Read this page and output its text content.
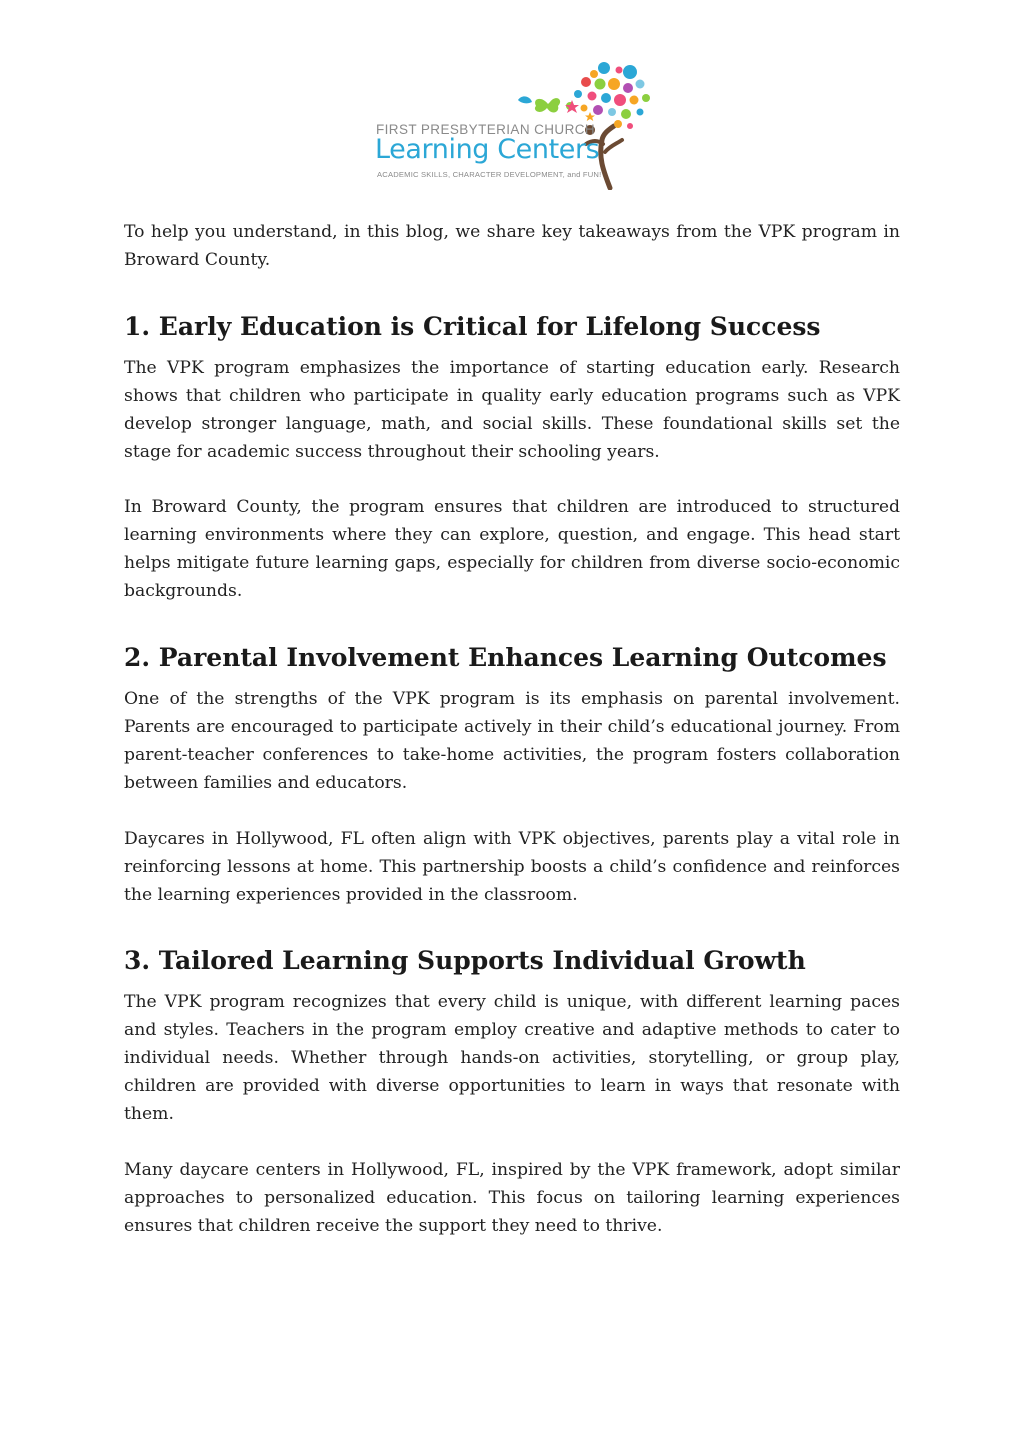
FIRST PRESBYTERIAN CHURCH
Learning Centers
ACADEMIC SKILLS, CHARACTER DEVELOPMENT, and FUN!

To help you understand, in this blog, we share key takeaways from the VPK program in Broward County.

1. Early Education is Critical for Lifelong Success

The VPK program emphasizes the importance of starting education early. Research shows that children who participate in quality early education programs such as VPK develop stronger language, math, and social skills. These foundational skills set the stage for academic success throughout their schooling years.

In Broward County, the program ensures that children are introduced to structured learning environments where they can explore, question, and engage. This head start helps mitigate future learning gaps, especially for children from diverse socio-economic backgrounds.

2. Parental Involvement Enhances Learning Outcomes

One of the strengths of the VPK program is its emphasis on parental involvement. Parents are encouraged to participate actively in their child’s educational journey. From parent-teacher conferences to take-home activities, the program fosters collaboration between families and educators.

Daycares in Hollywood, FL often align with VPK objectives, parents play a vital role in reinforcing lessons at home. This partnership boosts a child’s confidence and reinforces the learning experiences provided in the classroom.

3. Tailored Learning Supports Individual Growth

The VPK program recognizes that every child is unique, with different learning paces and styles. Teachers in the program employ creative and adaptive methods to cater to individual needs. Whether through hands-on activities, storytelling, or group play, children are provided with diverse opportunities to learn in ways that resonate with them.

Many daycare centers in Hollywood, FL, inspired by the VPK framework, adopt similar approaches to personalized education. This focus on tailoring learning experiences ensures that children receive the support they need to thrive.
